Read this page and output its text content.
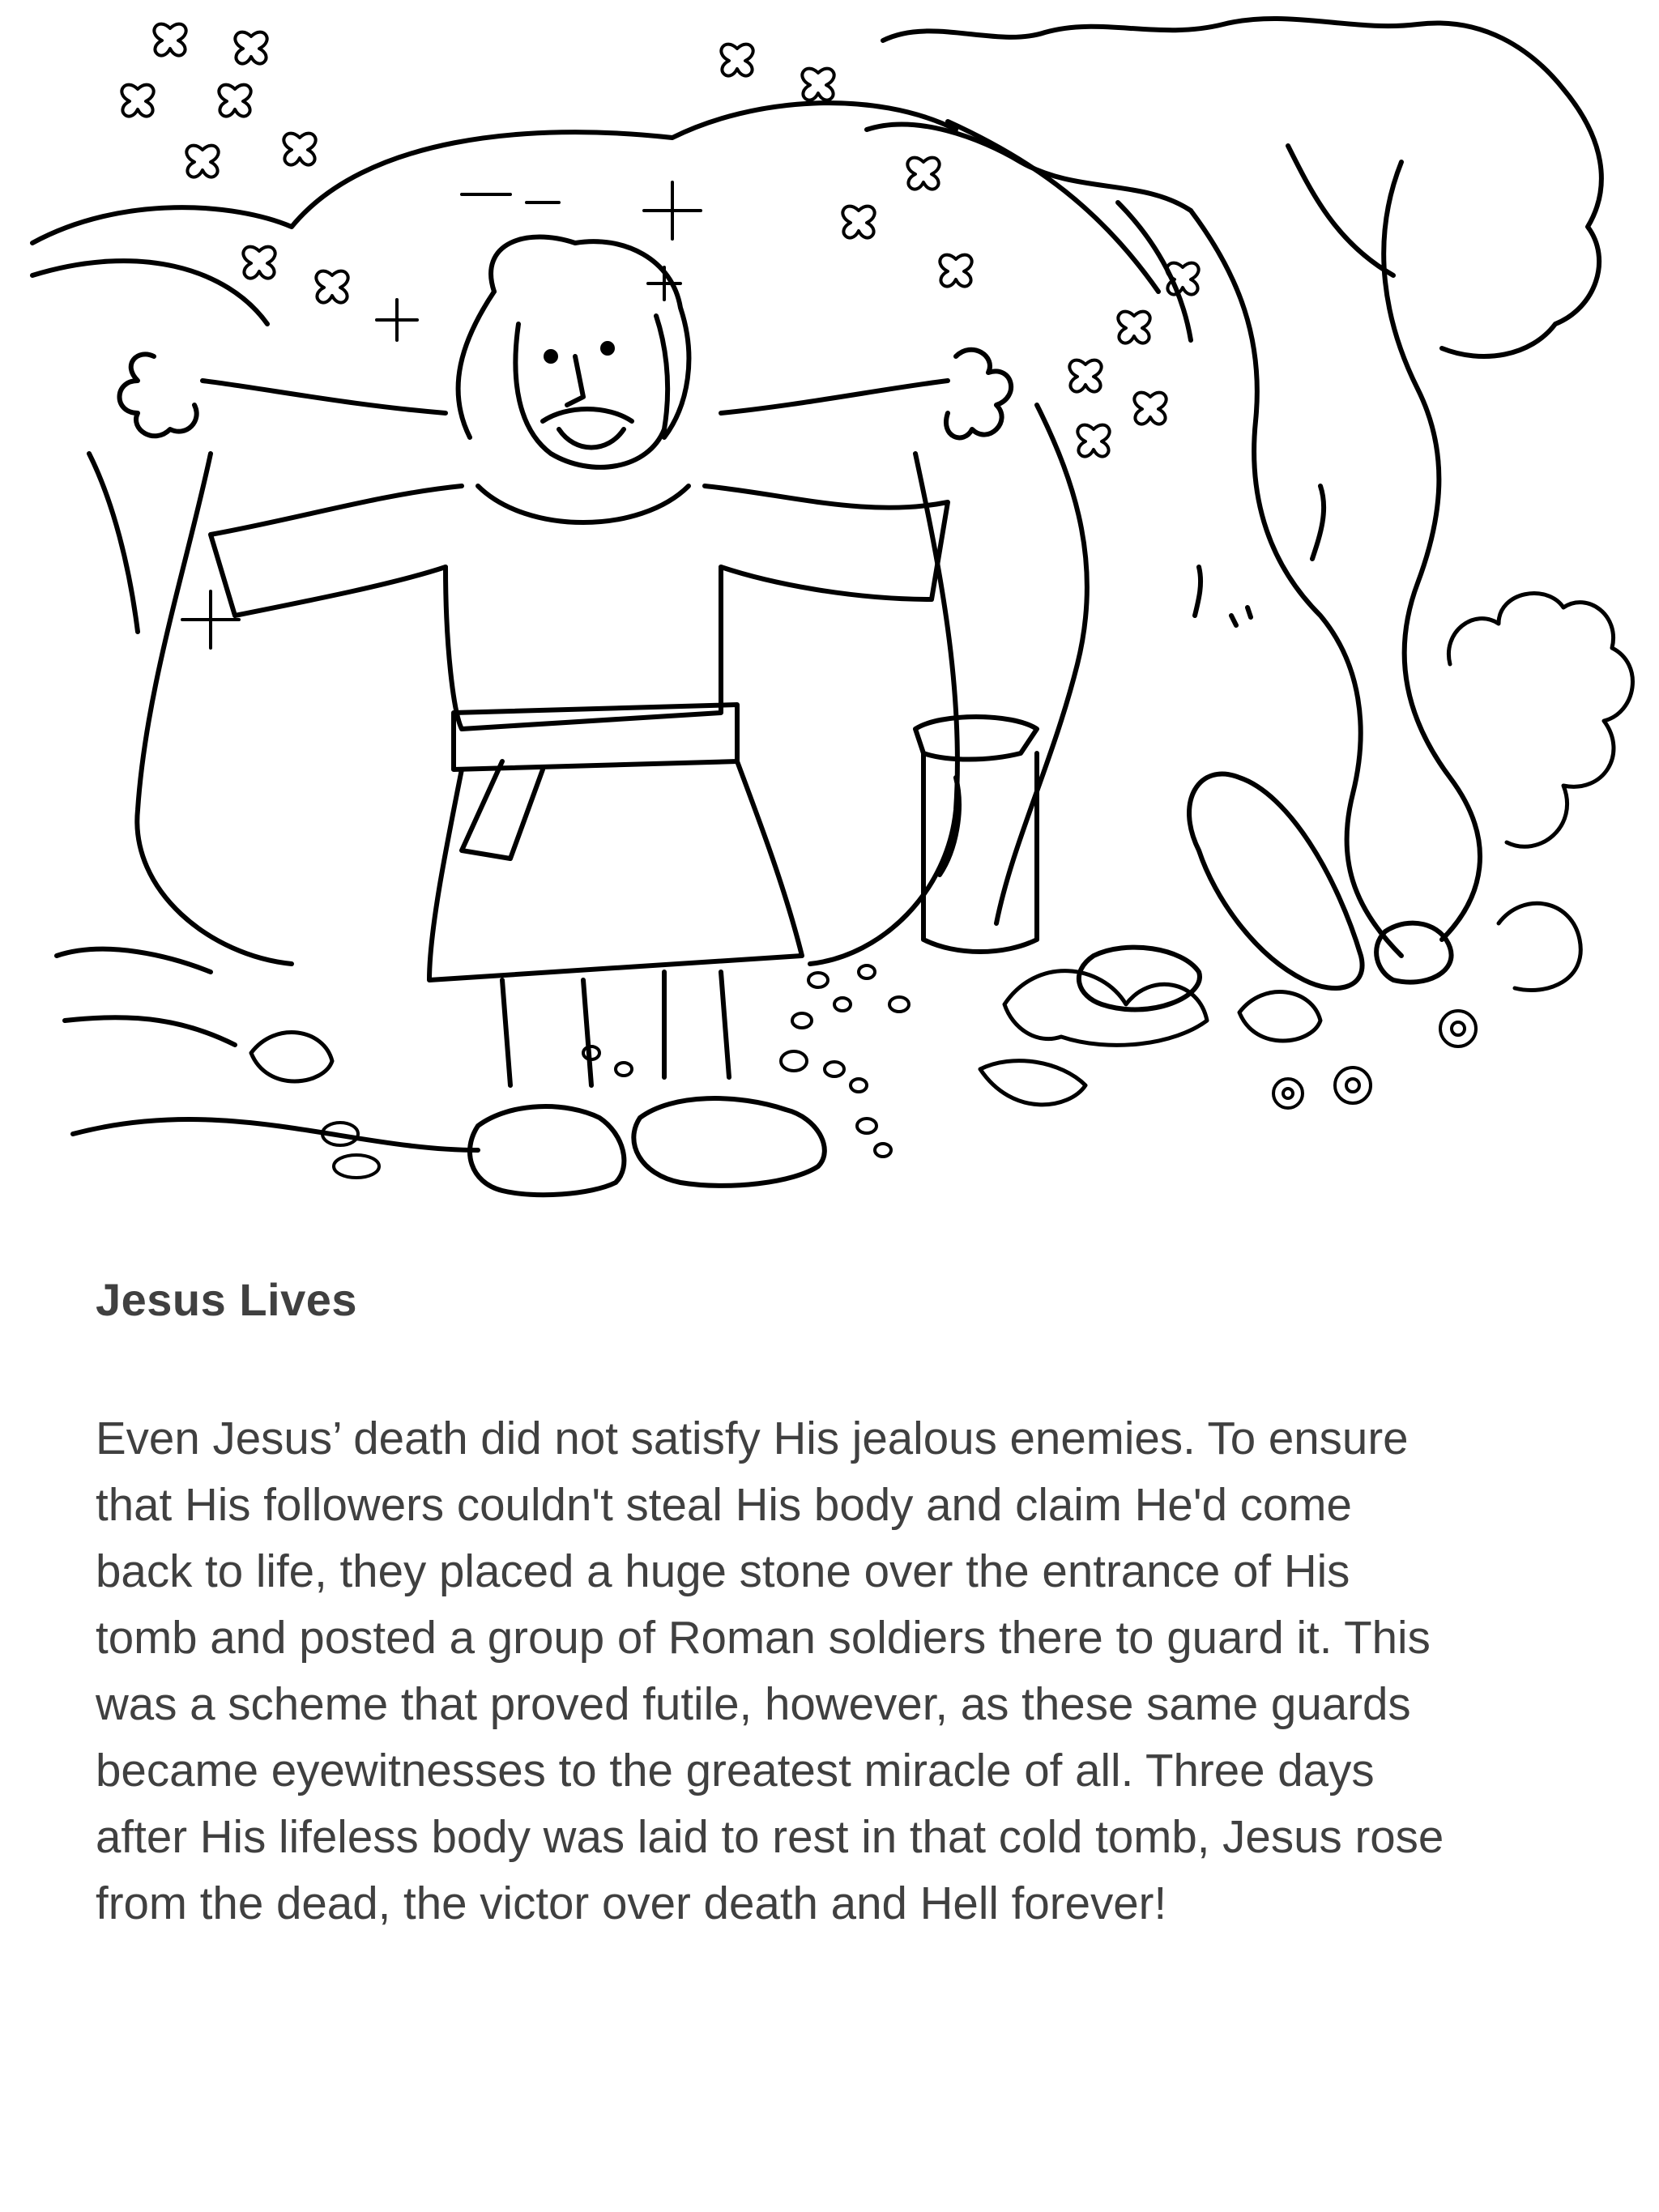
Jesus Lives
Even Jesus’ death did not satisfy His jealous enemies. To ensure
that His followers couldn't steal His body and claim He'd come
back to life, they placed a huge stone over the entrance of His
tomb and posted a group of Roman soldiers there to guard it. This
was a scheme that proved futile, however, as these same guards
became eyewitnesses to the greatest miracle of all. Three days
after His lifeless body was laid to rest in that cold tomb, Jesus rose
from the dead, the victor over death and Hell forever!
